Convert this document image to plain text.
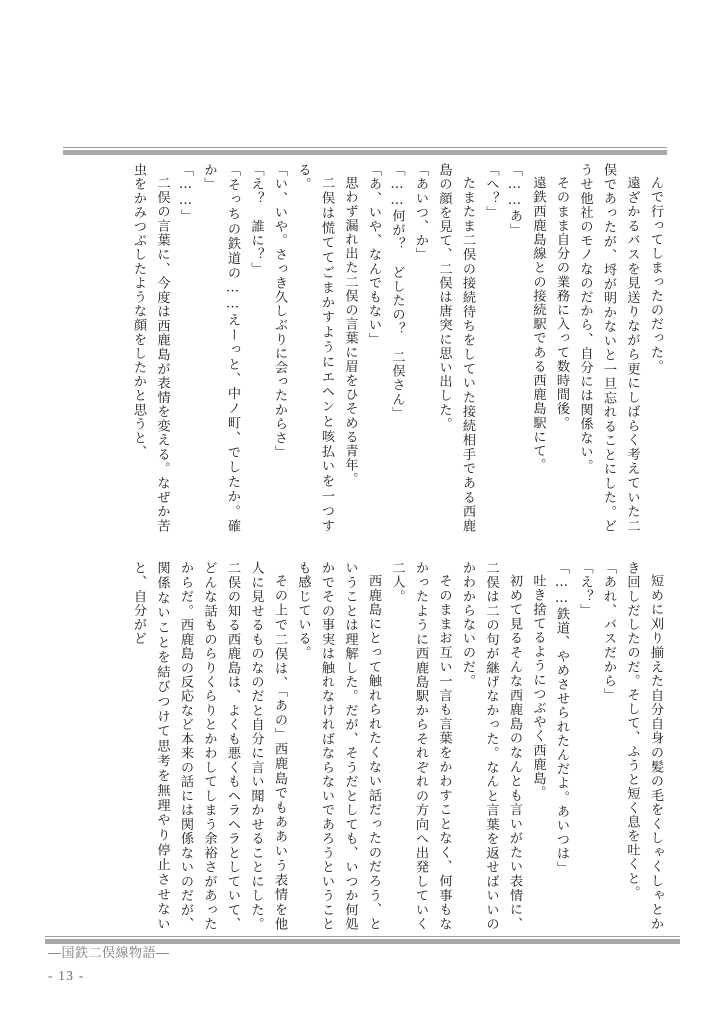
んで行ってしまったのだった。

遠ざかるバスを見送りながら更にしばらく考えていた二俣であったが、埒が明かないと一旦忘れることにした。どうせ他社のモノなのだから、自分には関係ない。

そのまま自分の業務に入って数時間後。

遠鉄西鹿島線との接続駅である西鹿島駅にて。

「……あ」

「へ？」

たまたま二俣の接続待ちをしていた接続相手である西鹿島の顔を見て、二俣は唐突に思い出した。

「あいつ、か」

「……何が？　どしたの？　二俣さん」

「あ、いや、なんでもない」

思わず漏れ出た二俣の言葉に眉をひそめる青年。

二俣は慌ててごまかすようにエヘンと咳払いを一つする。

「い、いや。さっき久しぶりに会ったからさ」

「え？　誰に？」

「そっちの鉄道の……えーっと、中ノ町、でしたか。確か」

「……」

二俣の言葉に、今度は西鹿島が表情を変える。なぜか苦虫をかみつぶしたような顔をしたかと思うと、

短めに刈り揃えた自分自身の髪の毛をくしゃくしゃとかき回しだしたのだ。そして、ふうと短く息を吐くと。

「あれ、バスだから」

「え？」

「……鉄道、やめさせられたんだよ。あいつは」

吐き捨てるようにつぶやく西鹿島。

初めて見るそんな西鹿島のなんとも言いがたい表情に、二俣は二の句が継げなかった。なんと言葉を返せばいいのかわからないのだ。

そのままお互い一言も言葉をかわすことなく、何事もなかったように西鹿島駅からそれぞれの方向へ出発していく二人。

西鹿島にとって触れられたくない話だったのだろう、ということは理解した。だが、そうだとしても、いつか何処かでその事実は触れなければならないであろうということも感じている。

その上で二俣は、「あの」西鹿島でもああいう表情を他人に見せるものなのだと自分に言い聞かせることにした。二俣の知る西鹿島は、よくも悪くもヘラヘラとしていて、どんな話ものらりくらりとかわしてしまう余裕さがあったからだ。西鹿島の反応など本来の話には関係ないのだが、関係ないことを結びつけて思考を無理やり停止させないと、自分がど

―国鉄二俣線物語―
- 13 -
